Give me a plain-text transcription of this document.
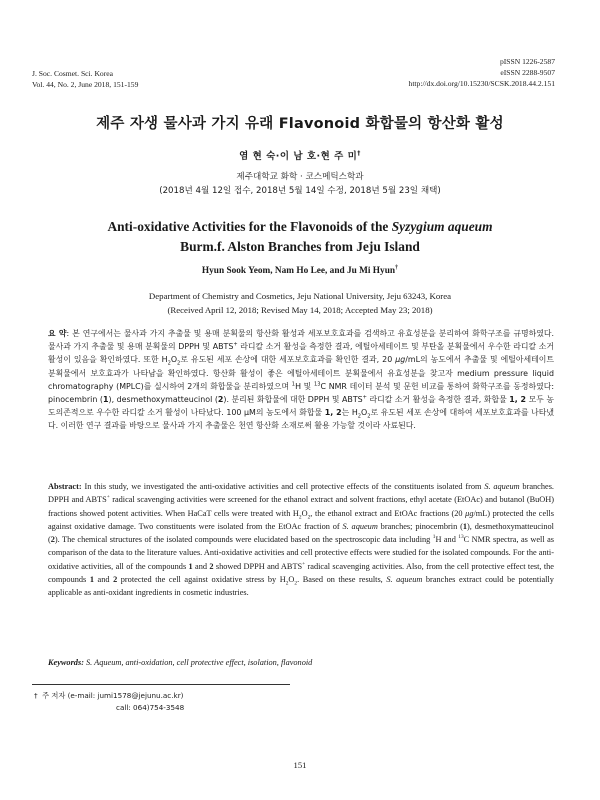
J. Soc. Cosmet. Sci. Korea
Vol. 44, No. 2, June 2018, 151-159
pISSN 1226-2587
eISSN 2288-9507
http://dx.doi.org/10.15230/SCSK.2018.44.2.151
제주 자생 물사과 가지 유래 Flavonoid 화합물의 항산화 활성
염 현 숙·이 남 호·현 주 미†
제주대학교 화학 · 코스메틱스학과
(2018년 4월 12일 접수, 2018년 5월 14일 수정, 2018년 5월 23일 채택)
Anti-oxidative Activities for the Flavonoids of the Syzygium aqueum
Burm.f. Alston Branches from Jeju Island
Hyun Sook Yeom, Nam Ho Lee, and Ju Mi Hyun†
Department of Chemistry and Cosmetics, Jeju National University, Jeju 63243, Korea
(Received April 12, 2018; Revised May 14, 2018; Accepted May 23; 2018)
요 약: 본 연구에서는 물사과 가지 추출물 및 용매 분획물의 항산화 활성과 세포보호효과를 검색하고 유효성분을 분리하여 화학구조를 규명하였다. 물사과 가지 추출물 및 용매 분획물의 DPPH 및 ABTS+ 라디칼 소거 활성을 측정한 결과, 에틸아세테이트 및 부탄올 분획물에서 우수한 라디칼 소거 활성이 있음을 확인하였다. 또한 $H_2O_2$로 유도된 세포 손상에 대한 세포보호효과를 확인한 결과, 20 μg/mL의 농도에서 추출물 및 에틸아세테이트 분획물에서 보호효과가 나타남을 확인하였다. 항산화 활성이 좋은 에틸아세테이트 분획물에서 유효성분을 찾고자 medium pressure liquid chromatography (MPLC)를 실시하여 2개의 화합물을 분리하였으며 $^1$H 및 $^{13}$C NMR 데이터 분석 및 문헌 비교를 통하여 화학구조를 동정하였다: pinocembrin (1), desmethoxymatteucinol (2). 분리된 화합물에 대한 DPPH 및 ABTS+ 라디칼 소거 활성을 측정한 결과, 화합물 1, 2 모두 농도의존적으로 우수한 라디칼 소거 활성이 나타났다. 100 μM의 농도에서 화합물 1, 2는 $H_2O_2$로 유도된 세포 손상에 대하여 세포보호효과를 나타냈다. 이러한 연구 결과를 바탕으로 물사과 가지 추출물은 천연 항산화 소재로써 활용 가능할 것이라 사료된다.
Abstract: In this study, we investigated the anti-oxidative activities and cell protective effects of the constituents isolated from S. aqueum branches. DPPH and ABTS+ radical scavenging activities were screened for the ethanol extract and solvent fractions, ethyl acetate (EtOAc) and butanol (BuOH) fractions showed potent activities. When HaCaT cells were treated with $H_2O_2$, the ethanol extract and EtOAc fractions (20 μg/mL) protected the cells against oxidative damage. Two constituents were isolated from the EtOAc fraction of S. aqueum branches; pinocembrin (1), desmethoxymatteucinol (2). The chemical structures of the isolated compounds were elucidated based on the spectroscopic data including $^1$H and $^{13}$C NMR spectra, as well as comparison of the data to the literature values. Anti-oxidative activities and cell protective effects were studied for the isolated compounds. For the anti-oxidative activities, all of the compounds 1 and 2 showed DPPH and ABTS+ radical scavenging activities. Also, from the cell protective effect test, the compounds 1 and 2 protected the cell against oxidative stress by $H_2O_2$. Based on these results, S. aqueum branches extract could be potentially applicable as anti-oxidant ingredients in cosmetic industries.
Keywords: S. Aqueum, anti-oxidation, cell protective effect, isolation, flavonoid
† 주 저자 (e-mail: jumi1578@jejunu.ac.kr)
call: 064)754-3548
151
